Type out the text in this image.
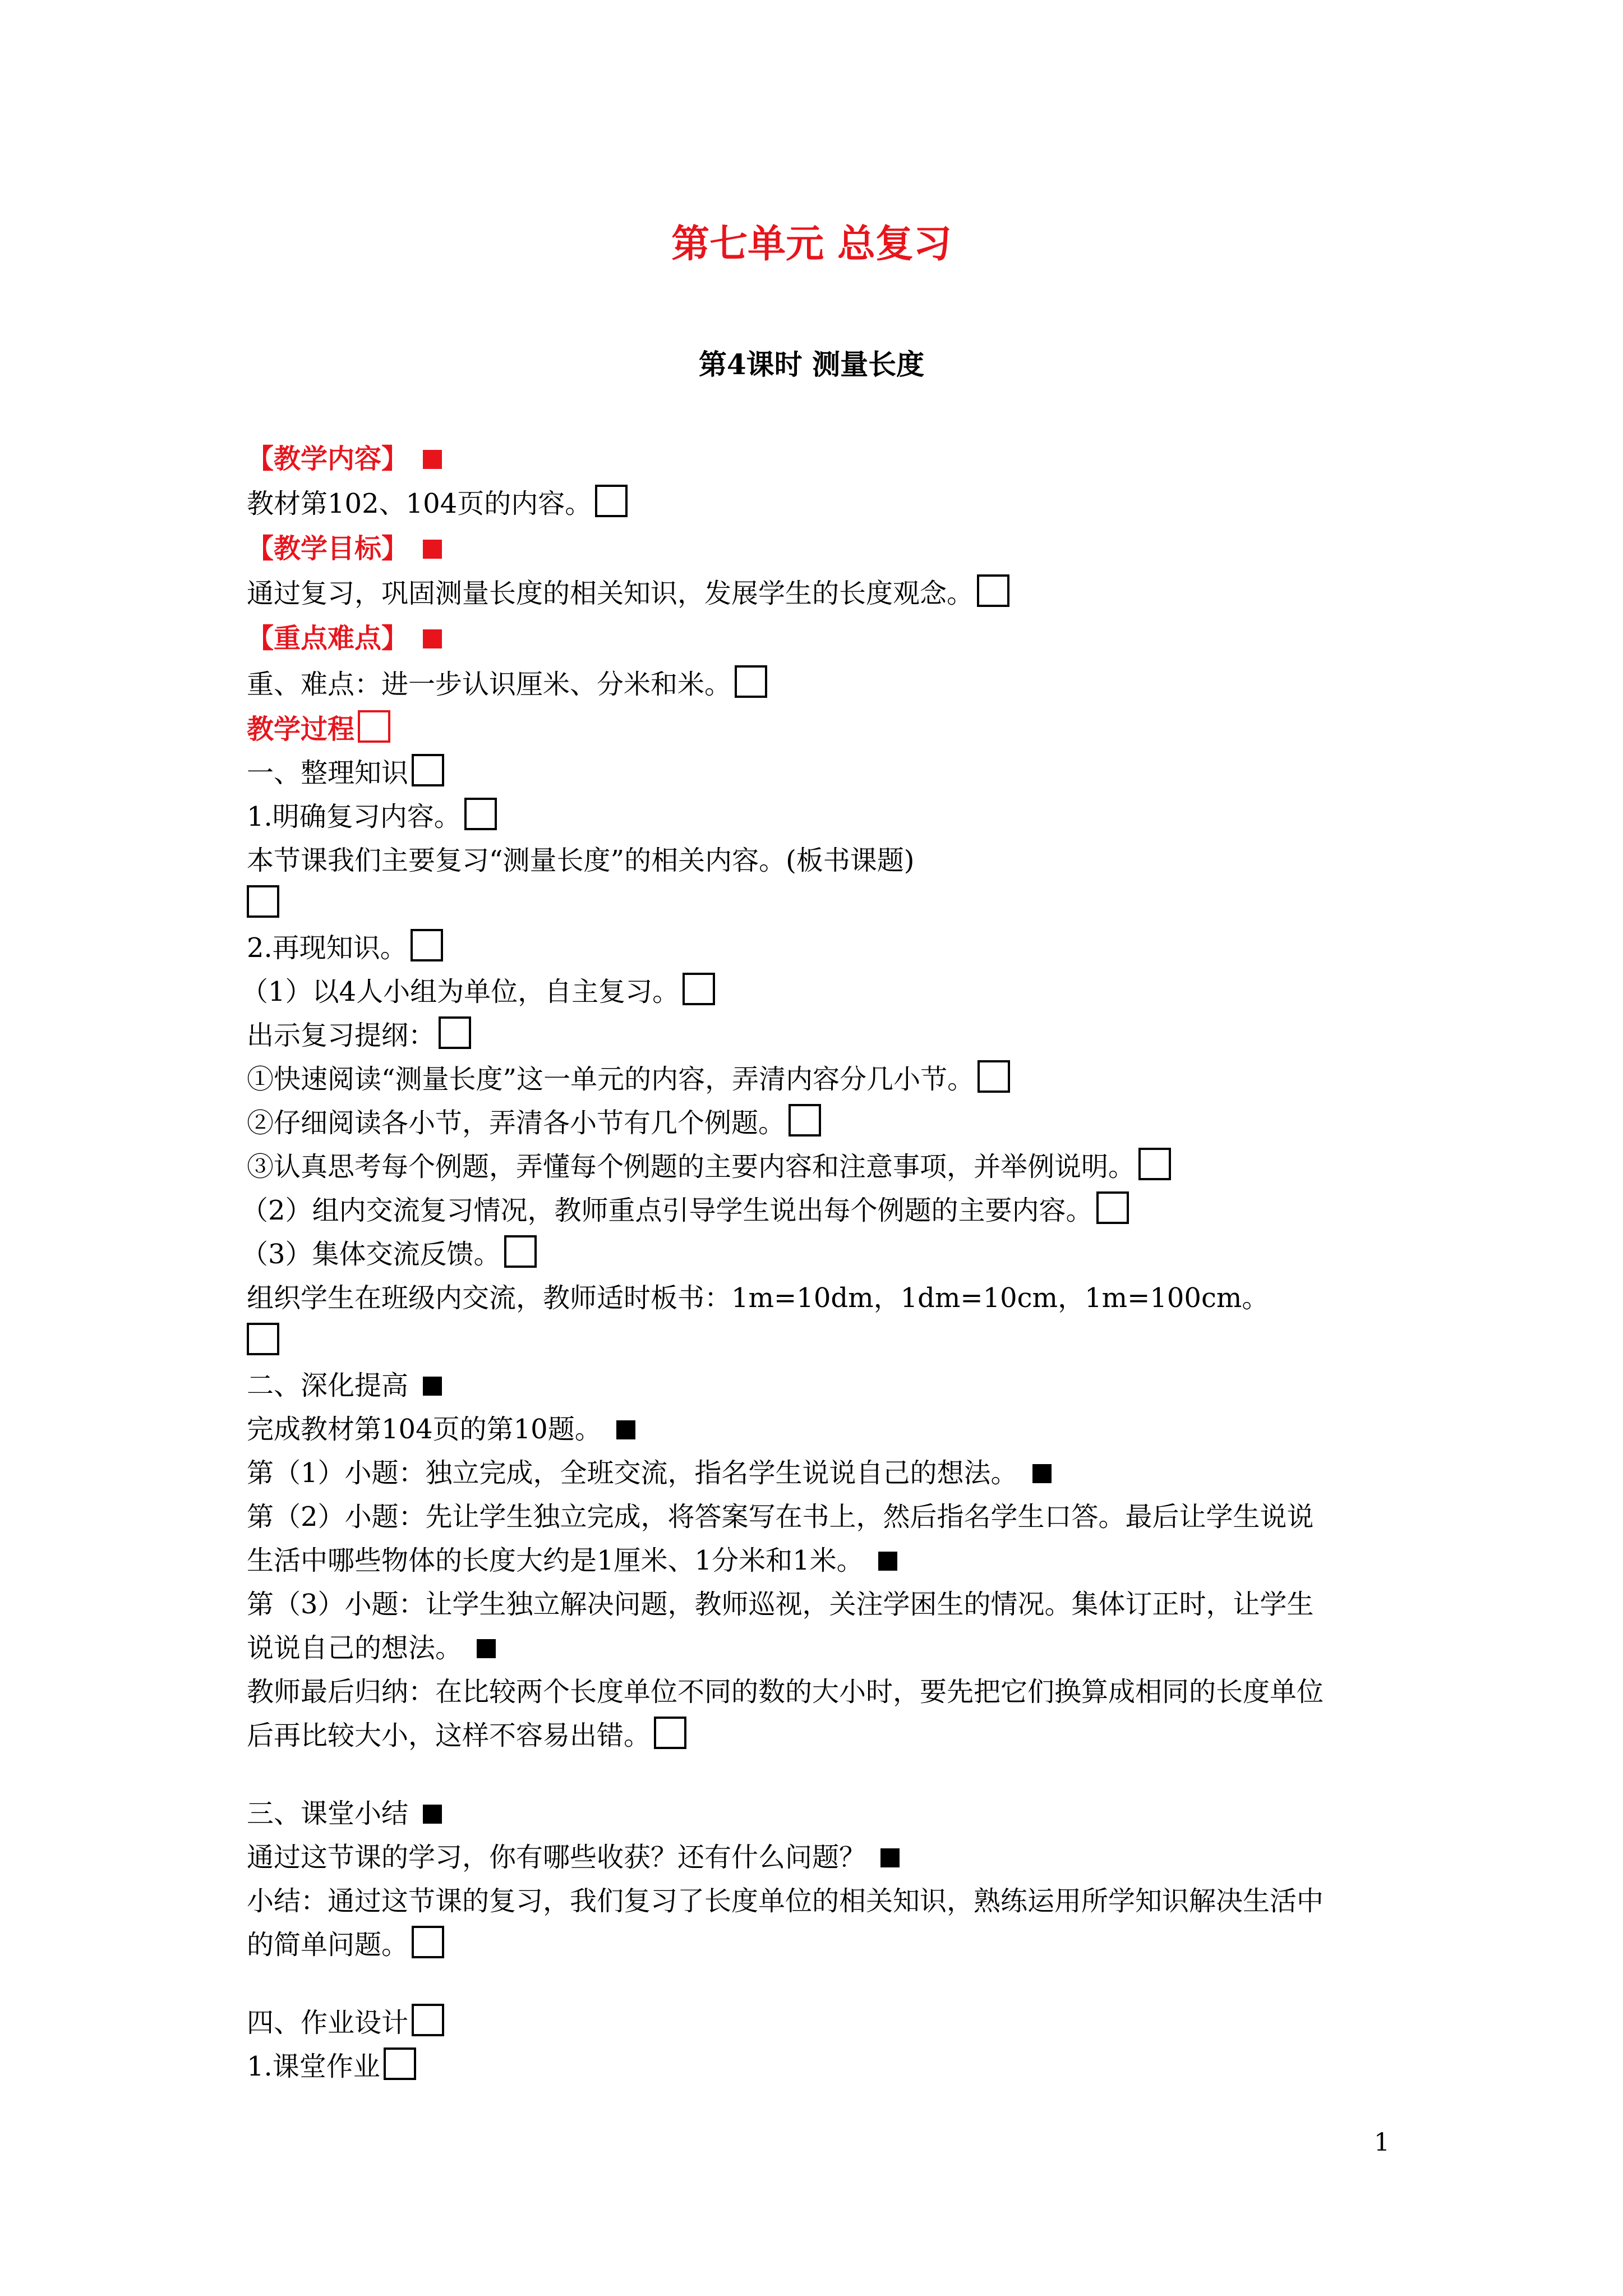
第七单元 总复习
第4课时 测量长度
【教学内容】
教材第102、104页的内容。
【教学目标】
通过复习，巩固测量长度的相关知识，发展学生的长度观念。
【重点难点】
重、难点：进一步认识厘米、分米和米。
教学过程
一、整理知识
1.明确复习内容。
本节课我们主要复习“测量长度”的相关内容。(板书课题)
2.再现知识。
（1）以4人小组为单位，自主复习。
出示复习提纲：
①快速阅读“测量长度”这一单元的内容，弄清内容分几小节。
②仔细阅读各小节，弄清各小节有几个例题。
③认真思考每个例题，弄懂每个例题的主要内容和注意事项，并举例说明。
（2）组内交流复习情况，教师重点引导学生说出每个例题的主要内容。
（3）集体交流反馈。
组织学生在班级内交流，教师适时板书：1m=10dm，1dm=10cm，1m=100cm。
二、深化提高
完成教材第104页的第10题。
第（1）小题：独立完成，全班交流，指名学生说说自己的想法。
第（2）小题：先让学生独立完成，将答案写在书上，然后指名学生口答。最后让学生说说
生活中哪些物体的长度大约是1厘米、1分米和1米。
第（3）小题：让学生独立解决问题，教师巡视，关注学困生的情况。集体订正时，让学生
说说自己的想法。
教师最后归纳：在比较两个长度单位不同的数的大小时，要先把它们换算成相同的长度单位
后再比较大小，这样不容易出错。
三、课堂小结
通过这节课的学习，你有哪些收获？还有什么问题？
小结：通过这节课的复习，我们复习了长度单位的相关知识，熟练运用所学知识解决生活中
的简单问题。
四、作业设计
1.课堂作业
1
